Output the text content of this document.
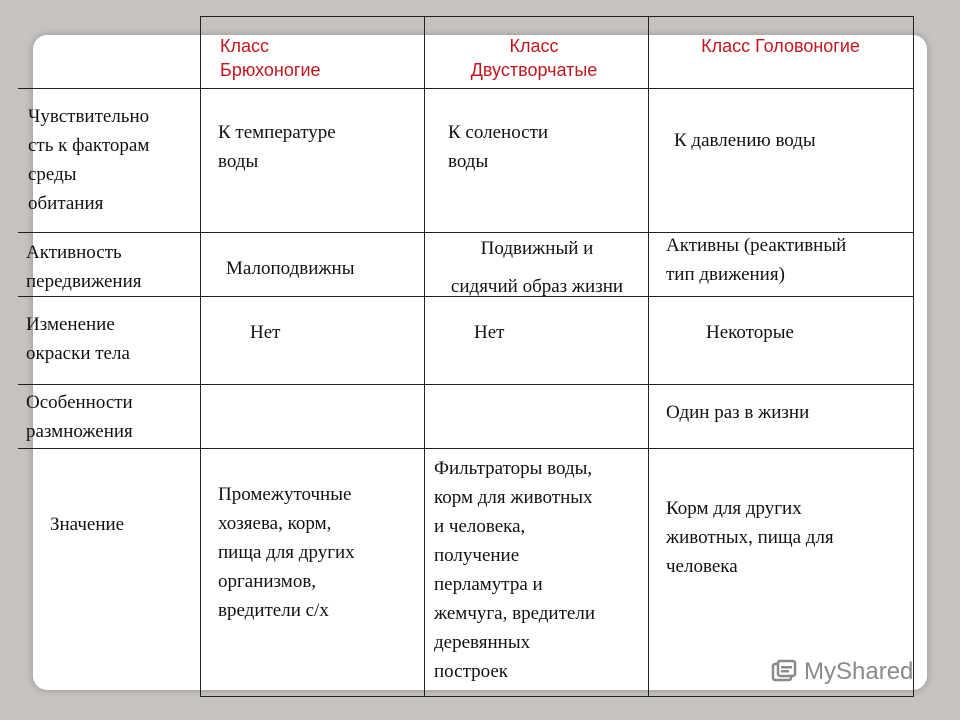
Класс
Брюхоногие
Класс
Двустворчатые
Класс Головоногие
Чувствительно
сть к факторам
среды
обитания
К температуре
воды
К солености
воды
К давлению воды
Активность
передвижения
Малоподвижны
Подвижный и
сидячий образ жизни
Активны (реактивный
тип движения)
Изменение
окраски тела
Нет	Нет	Некоторые
Особенности
размножения
Один раз в жизни
Значение
Промежуточные
хозяева, корм,
пища для других
организмов,
вредители с/х
Фильтраторы воды,
корм для животных
и человека,
получение
перламутра и
жемчуга, вредители
деревянных
построек
Корм для других
животных, пища для
человека
MyShared
